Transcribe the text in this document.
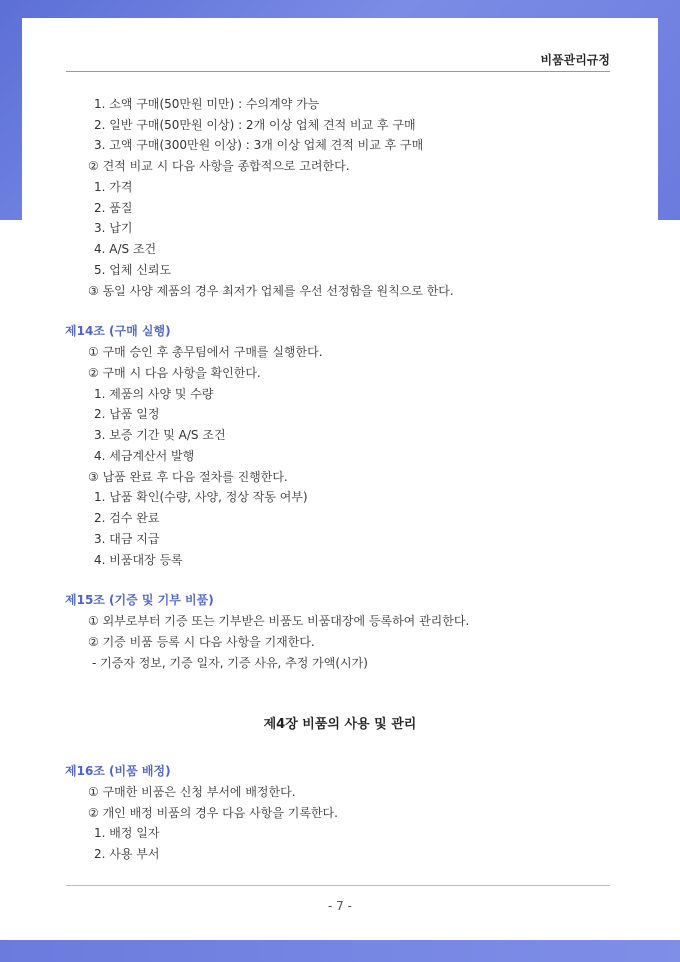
비품관리규정
1. 소액 구매(50만원 미만) : 수의계약 가능
2. 일반 구매(50만원 이상) : 2개 이상 업체 견적 비교 후 구매
3. 고액 구매(300만원 이상) : 3개 이상 업체 견적 비교 후 구매
② 견적 비교 시 다음 사항을 종합적으로 고려한다.
1. 가격
2. 품질
3. 납기
4. A/S 조건
5. 업체 신뢰도
③ 동일 사양 제품의 경우 최저가 업체를 우선 선정함을 원칙으로 한다.
제14조 (구매 실행)
① 구매 승인 후 총무팀에서 구매를 실행한다.
② 구매 시 다음 사항을 확인한다.
1. 제품의 사양 및 수량
2. 납품 일정
3. 보증 기간 및 A/S 조건
4. 세금계산서 발행
③ 납품 완료 후 다음 절차를 진행한다.
1. 납품 확인(수량, 사양, 정상 작동 여부)
2. 검수 완료
3. 대금 지급
4. 비품대장 등록
제15조 (기증 및 기부 비품)
① 외부로부터 기증 또는 기부받은 비품도 비품대장에 등록하여 관리한다.
② 기증 비품 등록 시 다음 사항을 기재한다.
- 기증자 정보, 기증 일자, 기증 사유, 추정 가액(시가)
제4장 비품의 사용 및 관리
제16조 (비품 배정)
① 구매한 비품은 신청 부서에 배정한다.
② 개인 배정 비품의 경우 다음 사항을 기록한다.
1. 배정 일자
2. 사용 부서
- 7 -
